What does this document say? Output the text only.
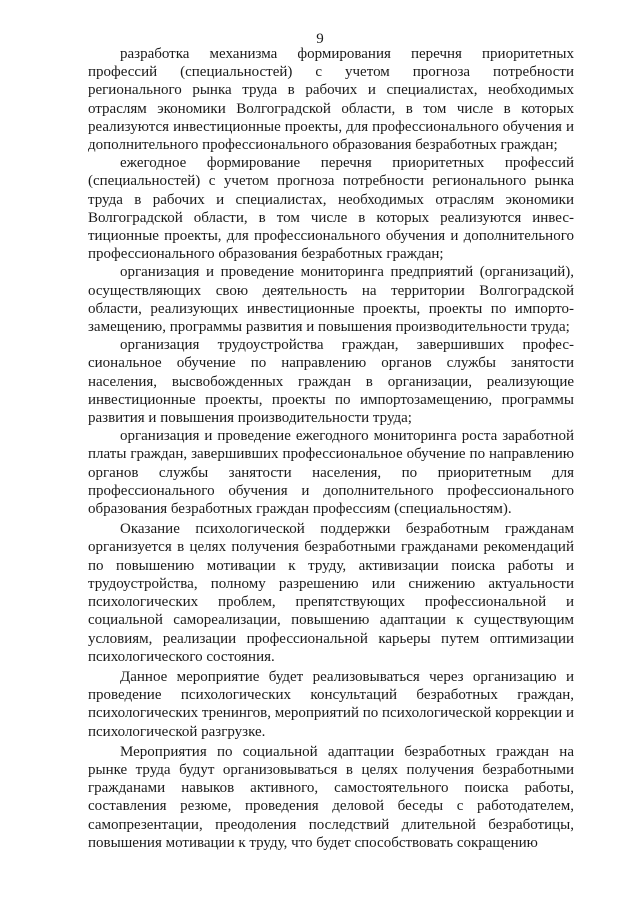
9

разработка механизма формирования перечня приоритетных профессий (специальностей) с учетом прогноза потребности регионального рынка труда в рабочих и специалистах, необходимых отраслям экономики Волгоградской области, в том числе в которых реализуются инвестиционные проекты, для профессионального обучения и дополнительного профессионального образования безработных граждан;

ежегодное формирование перечня приоритетных профессий (специальностей) с учетом прогноза потребности регионального рынка труда в рабочих и специалистах, необходимых отраслям экономики Волгоградской области, в том числе в которых реализуются инвестиционные проекты, для профессионального обучения и дополнительного профессионального образования безработных граждан;

организация и проведение мониторинга предприятий (организаций), осуществляющих свою деятельность на территории Волгоградской области, реализующих инвестиционные проекты, проекты по импортозамещению, программы развития и повышения производительности труда;

организация трудоустройства граждан, завершивших профессиональное обучение по направлению органов службы занятости населения, высвобожденных граждан в организации, реализующие инвестиционные проекты, проекты по импортозамещению, программы развития и повышения производительности труда;

организация и проведение ежегодного мониторинга роста заработной платы граждан, завершивших профессиональное обучение по направлению органов службы занятости населения, по приоритетным для профессионального обучения и дополнительного профессионального образования безработных граждан профессиям (специальностям).

Оказание психологической поддержки безработным гражданам организуется в целях получения безработными гражданами рекомендаций по повышению мотивации к труду, активизации поиска работы и трудоустройства, полному разрешению или снижению актуальности психологических проблем, препятствующих профессиональной и социальной самореализации, повышению адаптации к существующим условиям, реализации профессиональной карьеры путем оптимизации психологического состояния.

Данное мероприятие будет реализовываться через организацию и проведение психологических консультаций безработных граждан, психологических тренингов, мероприятий по психологической коррекции и психологической разгрузке.

Мероприятия по социальной адаптации безработных граждан на рынке труда будут организовываться в целях получения безработными гражданами навыков активного, самостоятельного поиска работы, составления резюме, проведения деловой беседы с работодателем, самопрезентации, преодоления последствий длительной безработицы, повышения мотивации к труду, что будет способствовать сокращению
